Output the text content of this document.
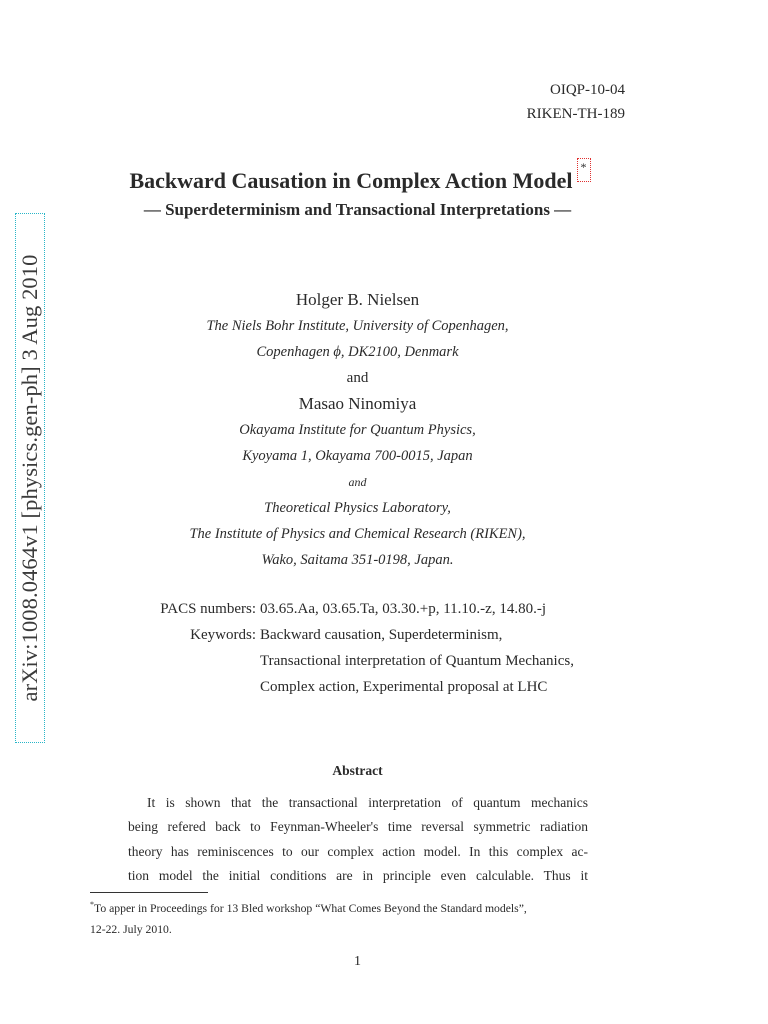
arXiv:1008.0464v1 [physics.gen-ph] 3 Aug 2010
OIQP-10-04
RIKEN-TH-189
Backward Causation in Complex Action Model*
— Superdeterminism and Transactional Interpretations —
Holger B. Nielsen
The Niels Bohr Institute, University of Copenhagen,
Copenhagen ϕ, DK2100, Denmark
and
Masao Ninomiya
Okayama Institute for Quantum Physics,
Kyoyama 1, Okayama 700-0015, Japan
and
Theoretical Physics Laboratory,
The Institute of Physics and Chemical Research (RIKEN),
Wako, Saitama 351-0198, Japan.
PACS numbers: 03.65.Aa, 03.65.Ta, 03.30.+p, 11.10.-z, 14.80.-j
Keywords: Backward causation, Superdeterminism,
Transactional interpretation of Quantum Mechanics,
Complex action, Experimental proposal at LHC
Abstract
It is shown that the transactional interpretation of quantum mechanics
being refered back to Feynman-Wheeler's time reversal symmetric radiation
theory has reminiscences to our complex action model. In this complex ac-
tion model the initial conditions are in principle even calculable. Thus it
*To apper in Proceedings for 13 Bled workshop “What Comes Beyond the Standard models”,
12-22. July 2010.
1
